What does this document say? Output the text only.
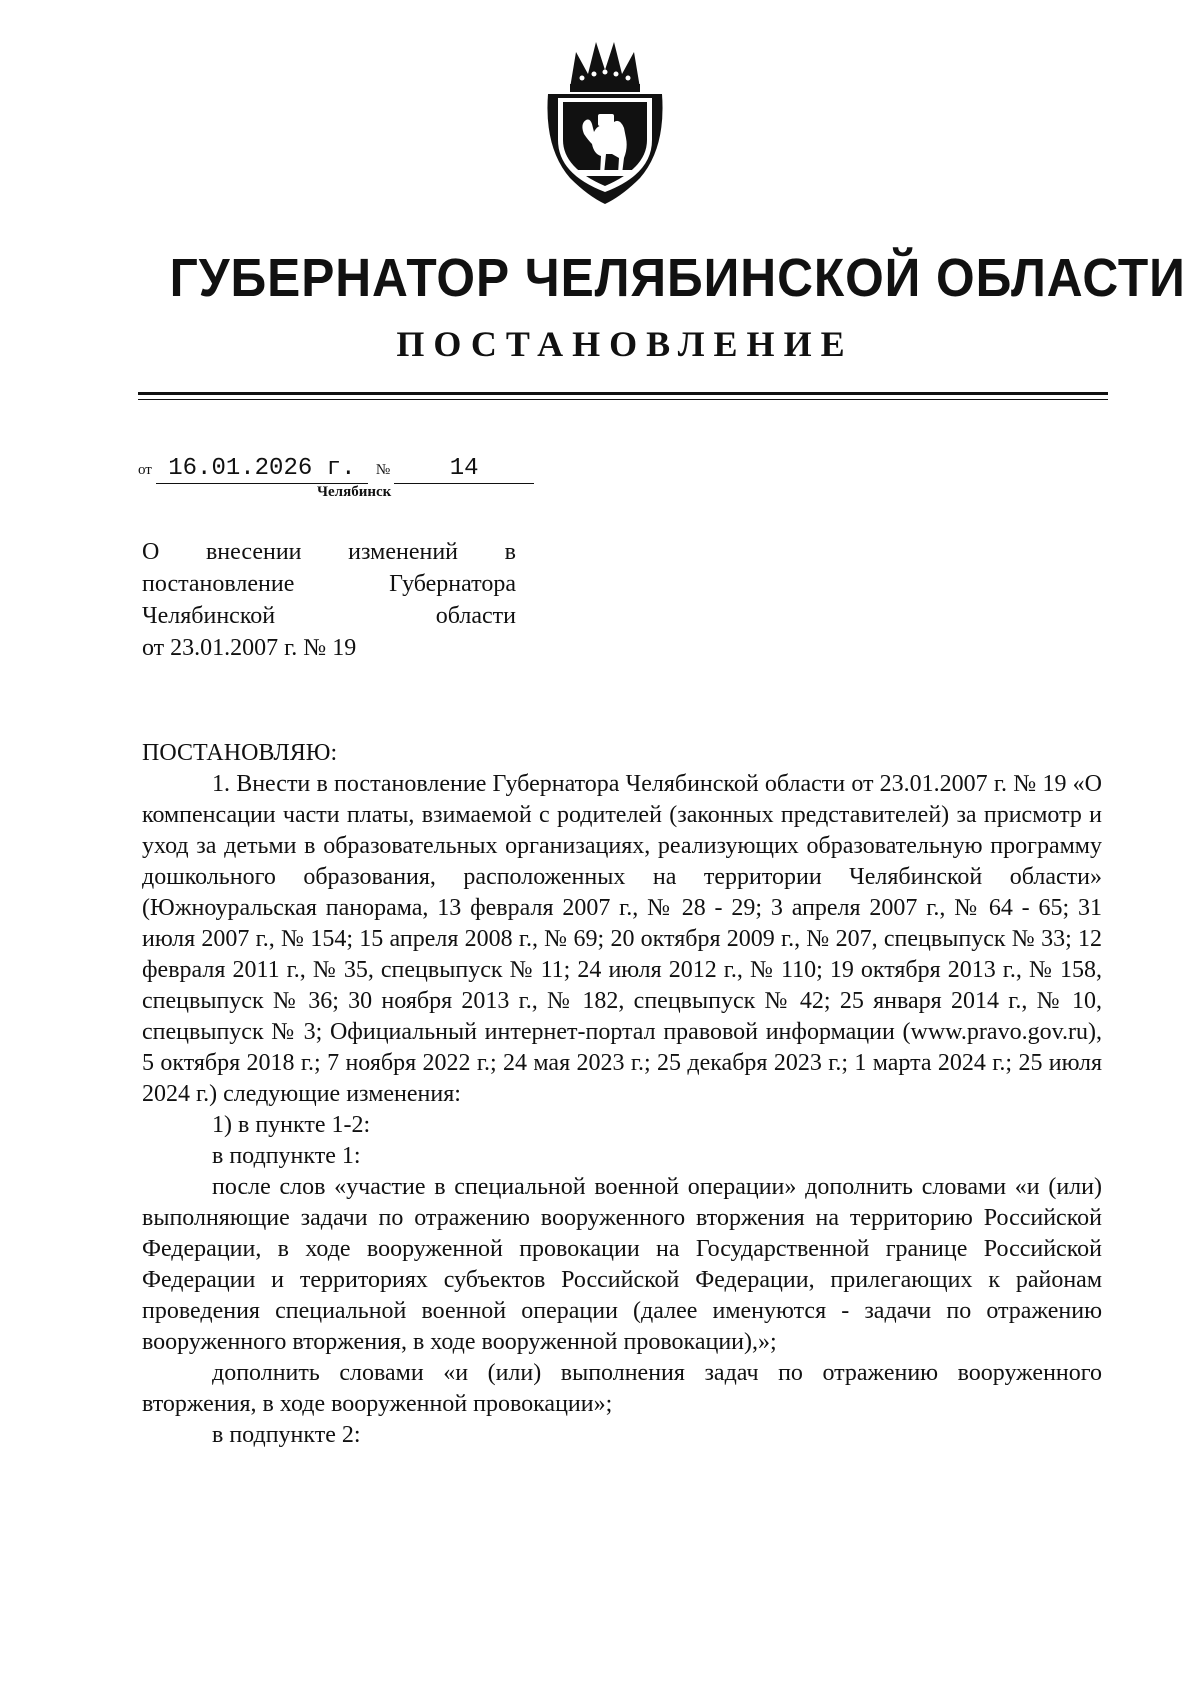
ГУБЕРНАТОР ЧЕЛЯБИНСКОЙ ОБЛАСТИ
ПОСТАНОВЛЕНИЕ
от 16.01.2026 г. № 14
Челябинск
О внесении изменений в
постановление Губернатора
Челябинской области
от 23.01.2007 г. № 19

ПОСТАНОВЛЯЮ:

1. Внести в постановление Губернатора Челябинской области от 23.01.2007 г. № 19 «О компенсации части платы, взимаемой с родителей (законных представителей) за присмотр и уход за детьми в образовательных организациях, реализующих образовательную программу дошкольного образования, расположенных на территории Челябинской области» (Южноуральская панорама, 13 февраля 2007 г., № 28 - 29; 3 апреля 2007 г., № 64 - 65; 31 июля 2007 г., № 154; 15 апреля 2008 г., № 69; 20 октября 2009 г., № 207, спецвыпуск № 33; 12 февраля 2011 г., № 35, спецвыпуск № 11; 24 июля 2012 г., № 110; 19 октября 2013 г., № 158, спецвыпуск № 36; 30 ноября 2013 г., № 182, спецвыпуск № 42; 25 января 2014 г., № 10, спецвыпуск № 3; Официальный интернет-портал правовой информации (www.pravo.gov.ru), 5 октября 2018 г.; 7 ноября 2022 г.; 24 мая 2023 г.; 25 декабря 2023 г.; 1 марта 2024 г.; 25 июля 2024 г.) следующие изменения:

1) в пункте 1-2:

в подпункте 1:

после слов «участие в специальной военной операции» дополнить словами «и (или) выполняющие задачи по отражению вооруженного вторжения на территорию Российской Федерации, в ходе вооруженной провокации на Государственной границе Российской Федерации и территориях субъектов Российской Федерации, прилегающих к районам проведения специальной военной операции (далее именуются - задачи по отражению вооруженного вторжения, в ходе вооруженной провокации),»;

дополнить словами «и (или) выполнения задач по отражению вооруженного вторжения, в ходе вооруженной провокации»;

в подпункте 2:
